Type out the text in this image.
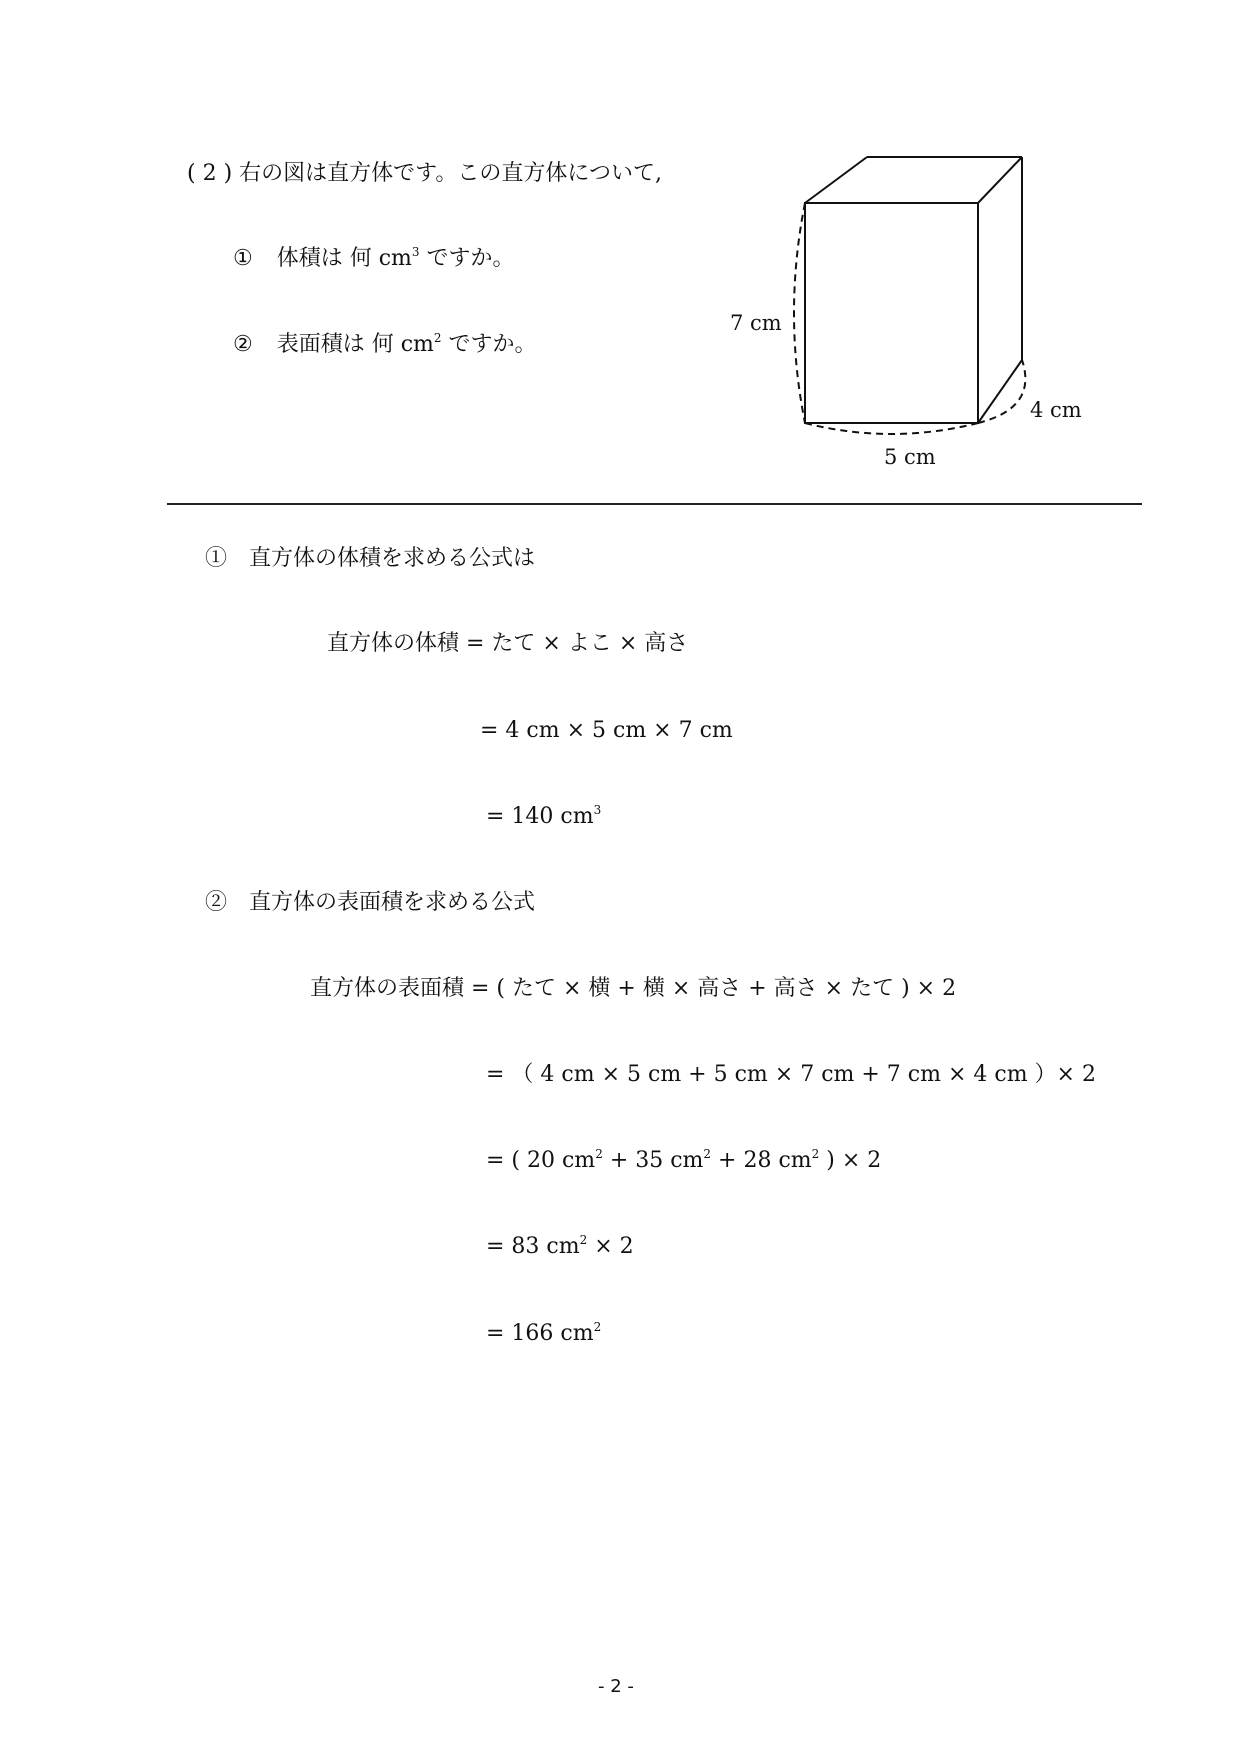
( 2 ) 右の図は直方体です。この直方体について,
① 体積は 何 $cm^3$ ですか。
② 表面積は 何 $cm^2$ ですか。
7 cm
4 cm
5 cm
①　直方体の体積を求める公式は
直方体の体積 = たて × よこ × 高さ
= 4 cm × 5 cm × 7 cm
= 140 $cm^3$
②　直方体の表面積を求める公式
直方体の表面積 = ( たて × 横 + 横 × 高さ + 高さ × たて ) × 2
= （ 4 cm × 5 cm + 5 cm × 7 cm + 7 cm × 4 cm ）× 2
= ( 20 $cm^2 + 35$ $cm^2 + 28$ $cm^2$ ) × 2
= 83 $cm^2 \times 2$
= 166 $cm^2$
- 2 -
